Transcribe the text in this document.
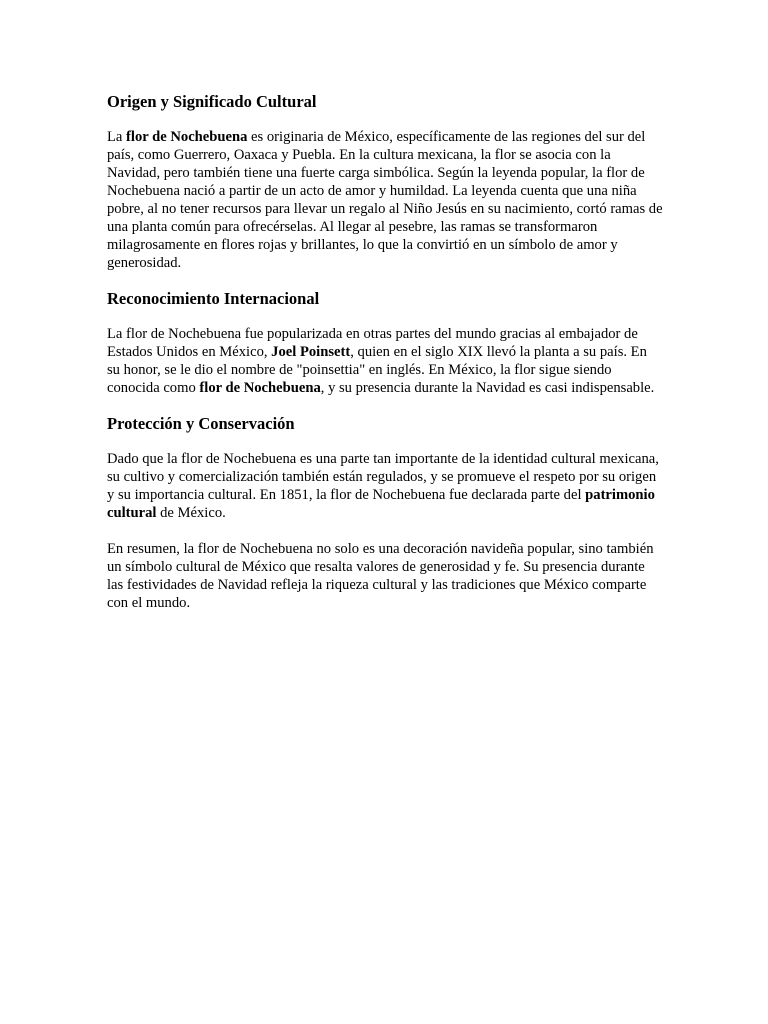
Origen y Significado Cultural

La flor de Nochebuena es originaria de México, específicamente de las regiones del sur del país, como Guerrero, Oaxaca y Puebla. En la cultura mexicana, la flor se asocia con la Navidad, pero también tiene una fuerte carga simbólica. Según la leyenda popular, la flor de Nochebuena nació a partir de un acto de amor y humildad. La leyenda cuenta que una niña pobre, al no tener recursos para llevar un regalo al Niño Jesús en su nacimiento, cortó ramas de una planta común para ofrecérselas. Al llegar al pesebre, las ramas se transformaron milagrosamente en flores rojas y brillantes, lo que la convirtió en un símbolo de amor y generosidad.

Reconocimiento Internacional

La flor de Nochebuena fue popularizada en otras partes del mundo gracias al embajador de Estados Unidos en México, Joel Poinsett, quien en el siglo XIX llevó la planta a su país. En su honor, se le dio el nombre de "poinsettia" en inglés. En México, la flor sigue siendo conocida como flor de Nochebuena, y su presencia durante la Navidad es casi indispensable.

Protección y Conservación

Dado que la flor de Nochebuena es una parte tan importante de la identidad cultural mexicana, su cultivo y comercialización también están regulados, y se promueve el respeto por su origen y su importancia cultural. En 1851, la flor de Nochebuena fue declarada parte del patrimonio cultural de México.

En resumen, la flor de Nochebuena no solo es una decoración navideña popular, sino también un símbolo cultural de México que resalta valores de generosidad y fe. Su presencia durante las festividades de Navidad refleja la riqueza cultural y las tradiciones que México comparte con el mundo.
